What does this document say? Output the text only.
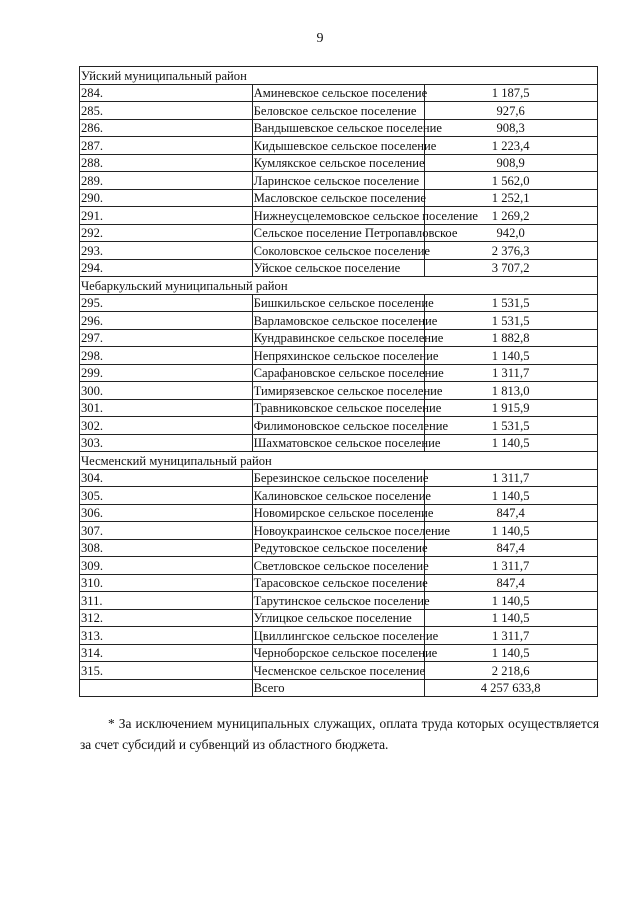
9
Уйский муниципальный район		
284.	Аминевское сельское поселение	1 187,5
285.	Беловское сельское поселение	927,6
286.	Вандышевское сельское поселение	908,3
287.	Кидышевское сельское поселение	1 223,4
288.	Кумлякское сельское поселение	908,9
289.	Ларинское сельское поселение	1 562,0
290.	Масловское сельское поселение	1 252,1
291.	Нижнеусцелемовское сельское поселение	1 269,2
292.	Сельское поселение Петропавловское	942,0
293.	Соколовское сельское поселение	2 376,3
294.	Уйское сельское поселение	3 707,2
Чебаркульский муниципальный район		
295.	Бишкильское сельское поселение	1 531,5
296.	Варламовское сельское поселение	1 531,5
297.	Кундравинское сельское поселение	1 882,8
298.	Непряхинское сельское поселение	1 140,5
299.	Сарафановское сельское поселение	1 311,7
300.	Тимирязевское сельское поселение	1 813,0
301.	Травниковское сельское поселение	1 915,9
302.	Филимоновское сельское поселение	1 531,5
303.	Шахматовское сельское поселение	1 140,5
Чесменский муниципальный район		
304.	Березинское сельское поселение	1 311,7
305.	Калиновское сельское поселение	1 140,5
306.	Новомирское сельское поселение	847,4
307.	Новоукраинское сельское поселение	1 140,5
308.	Редутовское сельское поселение	847,4
309.	Светловское сельское поселение	1 311,7
310.	Тарасовское сельское поселение	847,4
311.	Тарутинское сельское поселение	1 140,5
312.	Углицкое сельское поселение	1 140,5
313.	Цвиллингское сельское поселение	1 311,7
314.	Черноборское сельское поселение	1 140,5
315.	Чесменское сельское поселение	2 218,6
	Всего	4 257 633,8
* За исключением муниципальных служащих, оплата труда которых осуществляется за счет субсидий и субвенций из областного бюджета.
